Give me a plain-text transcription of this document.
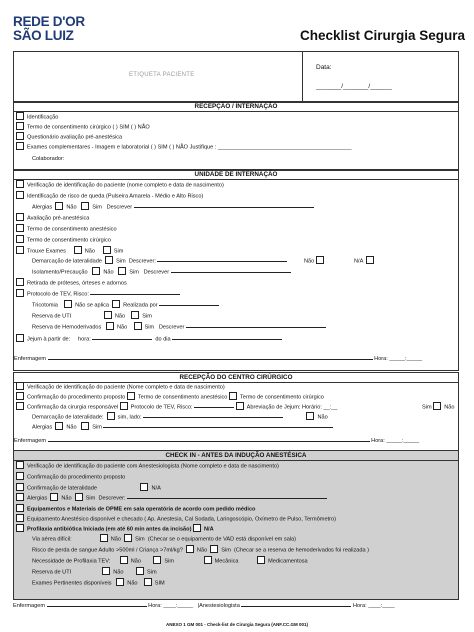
REDE D'OR
SÃO LUIZ	Checklist Cirurgia Segura
ETIQUETA PACIENTE
Data:
_______/_______/______
RECEPÇÃO / INTERNAÇÃO
Identificação
Termo de consentimento cirúrgico ( ) SIM ( ) NÃO
Questionário avaliação pré-anestésica
Exames complementares - Imagem e laboratorial ( ) SIM ( ) NÃO Justifique : ___________________________________________
Colaborador:
UNIDADE DE INTERNAÇÃO
Verificação de identificação do paciente (nome completo e data de nascimento)
Identificação de risco de queda (Pulseira Amarela - Médio e Alto Risco)
Alergias	Não	Sim Descrever
Avaliação pré-anestésica
Termo de consentimento anestésico
Termo de consentimento cirúrgico
Trouxe Exames	Não	Sim
Demarcação de lateralidade	Sim Descrever:	Não	N/A
Isolamento/Precaução	Não	Sim Descrever
Retirada de próteses, órteses e adornos
Protocolo de TEV, Risco:
Tricotomia	Não se aplica	Realizada por
Reserva de UTI	Não	Sim
Reserva de Hemoderivados	Não	Sim Descrever
Jejum à partir de: hora:	do dia
Enfermagem	Hora: _____:_____
RECEPÇÃO DO CENTRO CIRÚRGICO
Verificação de identificação do paciente (Nome completo e data de nascimento)
Confirmação do procedimento proposto Termo de consentimento anestésico Termo de consentimento cirúrgico
Confirmação da cirurgia responsável Protocolo de TEV, Risco:	Abreviação de Jejum: Horário: __:__	Sim Não
Demarcação de lateralidade:	sim, lado:	Não
Alergias	Não	Sim
Enfermagem	Hora: _____:_____
CHECK IN - ANTES DA INDUÇÃO ANESTÉSICA
Verificação de identificação do paciente com Anestesiologista (Nome completo e data de nascimento)
Confirmação do procedimento proposto
Confirmação de lateralidade	N/A
Alergias	Não	Sim Descrever:
Equipamentos e Materiais de OPME em sala operatória de acordo com pedido médico
Equipamento Anestésico disponível e checado ( Ap. Anestesia, Cal Sodada, Laringoscópio, Oxímetro de Pulso, Termômetro)
Profilaxia antibiótica Iniciada (em até 60 min antes da incisão) N/A
Via aérea difícil:	Não	Sim (Checar se o equipamento de VAD está disponível em sala)
Risco de perda de sangue Adulto >500ml / Criança >7ml/kg?	Não	Sim (Checar se a reserva de hemoderivados foi realizada )
Necessidade de Profilaxia TEV:	Não	Sim	Mecânica	Medicamentosa
Reserva de UTI	Não	Sim
Exames Pertinentes disponíveis	Não	SIM
Enfermagem	Hora: ____:_____   |Anestesiologista	Hora: ____:____
ANEXO 1 GM 001 - Check-list de Cirurgia Segura (ANF.CC.GM 001)
